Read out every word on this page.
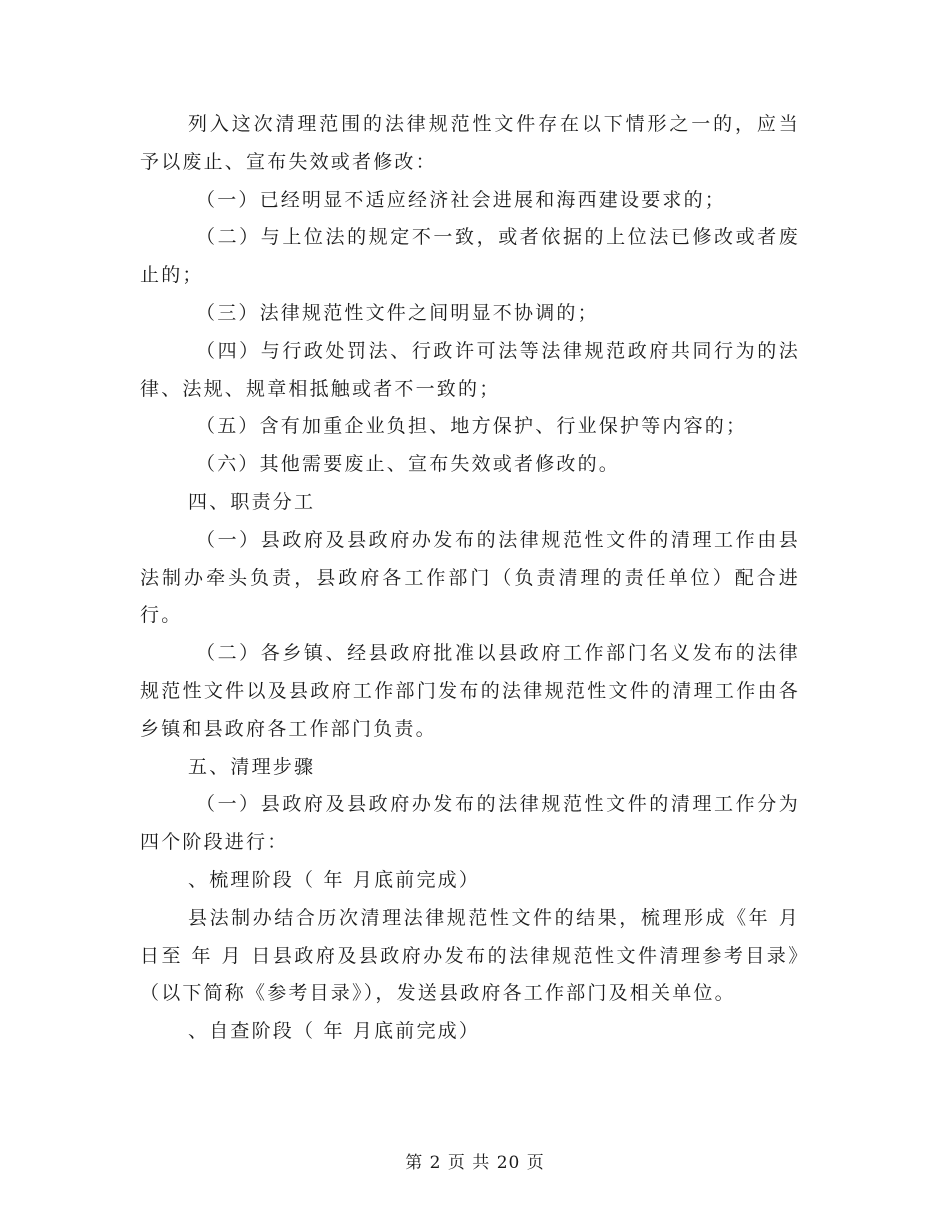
列入这次清理范围的法律规范性文件存在以下情形之一的，应当予以废止、宣布失效或者修改：

（一）已经明显不适应经济社会进展和海西建设要求的；

（二）与上位法的规定不一致，或者依据的上位法已修改或者废止的；

（三）法律规范性文件之间明显不协调的；

（四）与行政处罚法、行政许可法等法律规范政府共同行为的法律、法规、规章相抵触或者不一致的；

（五）含有加重企业负担、地方保护、行业保护等内容的；

（六）其他需要废止、宣布失效或者修改的。

四、职责分工

（一）县政府及县政府办发布的法律规范性文件的清理工作由县法制办牵头负责，县政府各工作部门（负责清理的责任单位）配合进行。

（二）各乡镇、经县政府批准以县政府工作部门名义发布的法律规范性文件以及县政府工作部门发布的法律规范性文件的清理工作由各乡镇和县政府各工作部门负责。

五、清理步骤

（一）县政府及县政府办发布的法律规范性文件的清理工作分为四个阶段进行：

、梳理阶段（ 年 月底前完成）

县法制办结合历次清理法律规范性文件的结果，梳理形成《年 月 日至 年 月 日县政府及县政府办发布的法律规范性文件清理参考目录》（以下简称《参考目录》），发送县政府各工作部门及相关单位。

、自查阶段（ 年 月底前完成）

第 2 页 共 20 页
